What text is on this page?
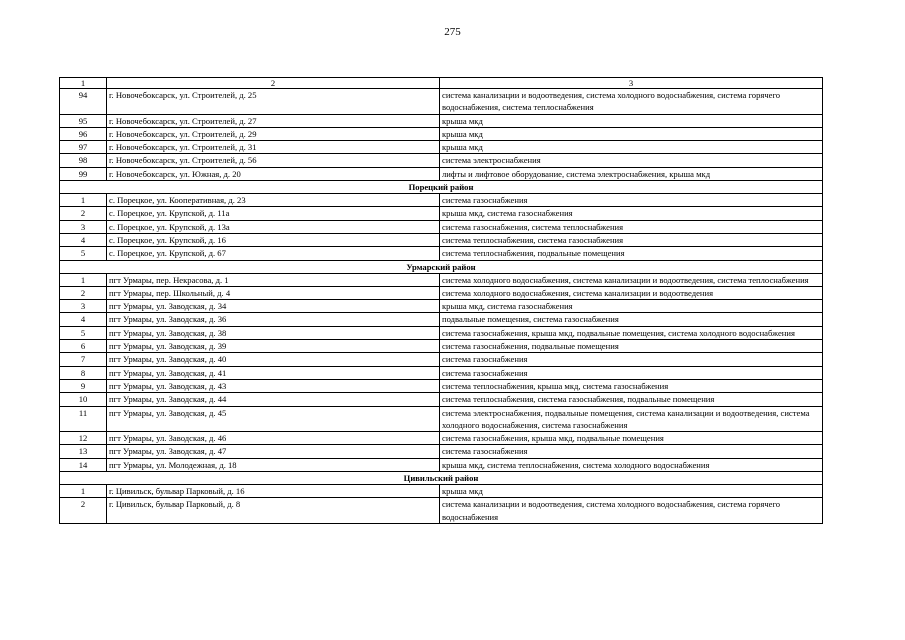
275
1	2	3
94	г. Новочебоксарск, ул. Строителей, д. 25	система канализации и водоотведения, система холодного водоснабжения, система горячего водоснабжения, система теплоснабжения
95	г. Новочебоксарск, ул. Строителей, д. 27	крыша мкд
96	г. Новочебоксарск, ул. Строителей, д. 29	крыша мкд
97	г. Новочебоксарск, ул. Строителей, д. 31	крыша мкд
98	г. Новочебоксарск, ул. Строителей, д. 56	система электроснабжения
99	г. Новочебоксарск, ул. Южная, д. 20	лифты и лифтовое оборудование, система электроснабжения, крыша мкд
Порецкий район		
1	с. Порецкое, ул. Кооперативная, д. 23	система газоснабжения
2	с. Порецкое, ул. Крупской, д. 11а	крыша мкд, система газоснабжения
3	с. Порецкое, ул. Крупской, д. 13а	система газоснабжения, система теплоснабжения
4	с. Порецкое, ул. Крупской, д. 16	система теплоснабжения, система газоснабжения
5	с. Порецкое, ул. Крупской, д. 67	система теплоснабжения, подвальные помещения
Урмарский район		
1	пгт Урмары, пер. Некрасова, д. 1	система холодного водоснабжения, система канализации и водоотведения, система теплоснабжения
2	пгт Урмары, пер. Школьный, д. 4	система холодного водоснабжения, система канализации и водоотведения
3	пгт Урмары, ул. Заводская, д. 34	крыша мкд, система газоснабжения
4	пгт Урмары, ул. Заводская, д. 36	подвальные помещения, система газоснабжения
5	пгт Урмары, ул. Заводская, д. 38	система газоснабжения, крыша мкд, подвальные помещения, система холодного водоснабжения
6	пгт Урмары, ул. Заводская, д. 39	система газоснабжения, подвальные помещения
7	пгт Урмары, ул. Заводская, д. 40	система газоснабжения
8	пгт Урмары, ул. Заводская, д. 41	система газоснабжения
9	пгт Урмары, ул. Заводская, д. 43	система теплоснабжения, крыша мкд, система газоснабжения
10	пгт Урмары, ул. Заводская, д. 44	система теплоснабжения, система газоснабжения, подвальные помещения
11	пгт Урмары, ул. Заводская, д. 45	система электроснабжения, подвальные помещения, система канализации и водоотведения, система холодного водоснабжения, система газоснабжения
12	пгт Урмары, ул. Заводская, д. 46	система газоснабжения, крыша мкд, подвальные помещения
13	пгт Урмары, ул. Заводская, д. 47	система газоснабжения
14	пгт Урмары, ул. Молодежная, д. 18	крыша мкд, система теплоснабжения, система холодного водоснабжения
Цивильский район		
1	г. Цивильск, бульвар Парковый, д. 16	крыша мкд
2	г. Цивильск, бульвар Парковый, д. 8	система канализации и водоотведения, система холодного водоснабжения, система горячего водоснабжения
